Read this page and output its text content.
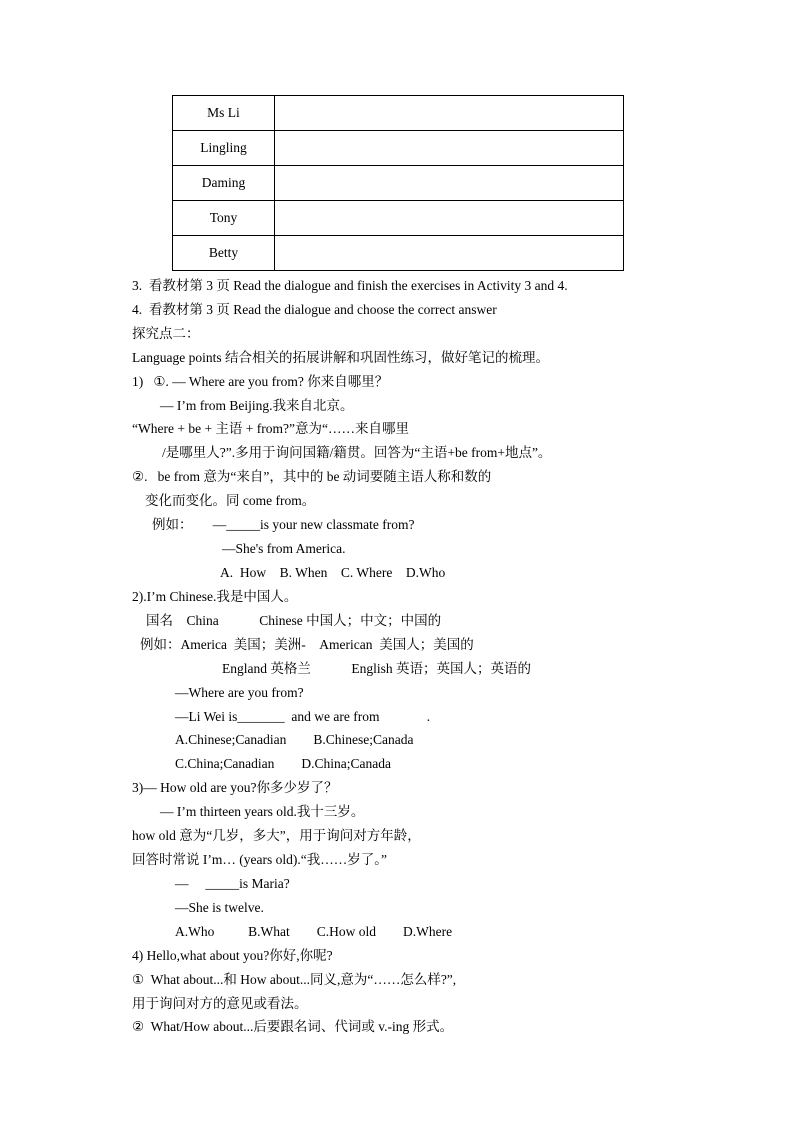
Ms Li	
Lingling	
Daming	
Tony	
Betty	
3.  看教材第 3 页 Read the dialogue and finish the exercises in Activity 3 and 4.
4.  看教材第 3 页 Read the dialogue and choose the correct answer
探究点二：
Language points 结合相关的拓展讲解和巩固性练习，做好笔记的梳理。
1)   ①. — Where are you from? 你来自哪里？
— I’m from Beijing.我来自北京。
“Where + be + 主语 + from?”意为“……来自哪里
/是哪里人?”.多用于询问国籍/籍贯。回答为“主语+be from+地点”。
②.   be from 意为“来自”，其中的 be 动词要随主语人称和数的
变化而变化。同 come from。
例如：      —_____is your new classmate from?
—She's from America.
A.  How    B. When    C. Where    D.Who
2).I’m Chinese.我是中国人。
国名    China            Chinese 中国人；中文；中国的
例如：America  美国；美洲-    American  美国人；美国的
England 英格兰            English 英语；英国人；英语的
—Where are you from?
—Li Wei is_______  and we are from              .
A.Chinese;Canadian        B.Chinese;Canada
C.China;Canadian        D.China;Canada
3)— How old are you?你多少岁了？
— I’m thirteen years old.我十三岁。
how old 意为“几岁，多大”，用于询问对方年龄，
回答时常说 I’m… (years old).“我……岁了。”
—     _____is Maria?
—She is twelve.
A.Who          B.What        C.How old        D.Where
4) Hello,what about you?你好,你呢?
①  What about...和 How about...同义,意为“……怎么样?”,
用于询问对方的意见或看法。
②  What/How about...后要跟名词、代词或 v.-ing 形式。
